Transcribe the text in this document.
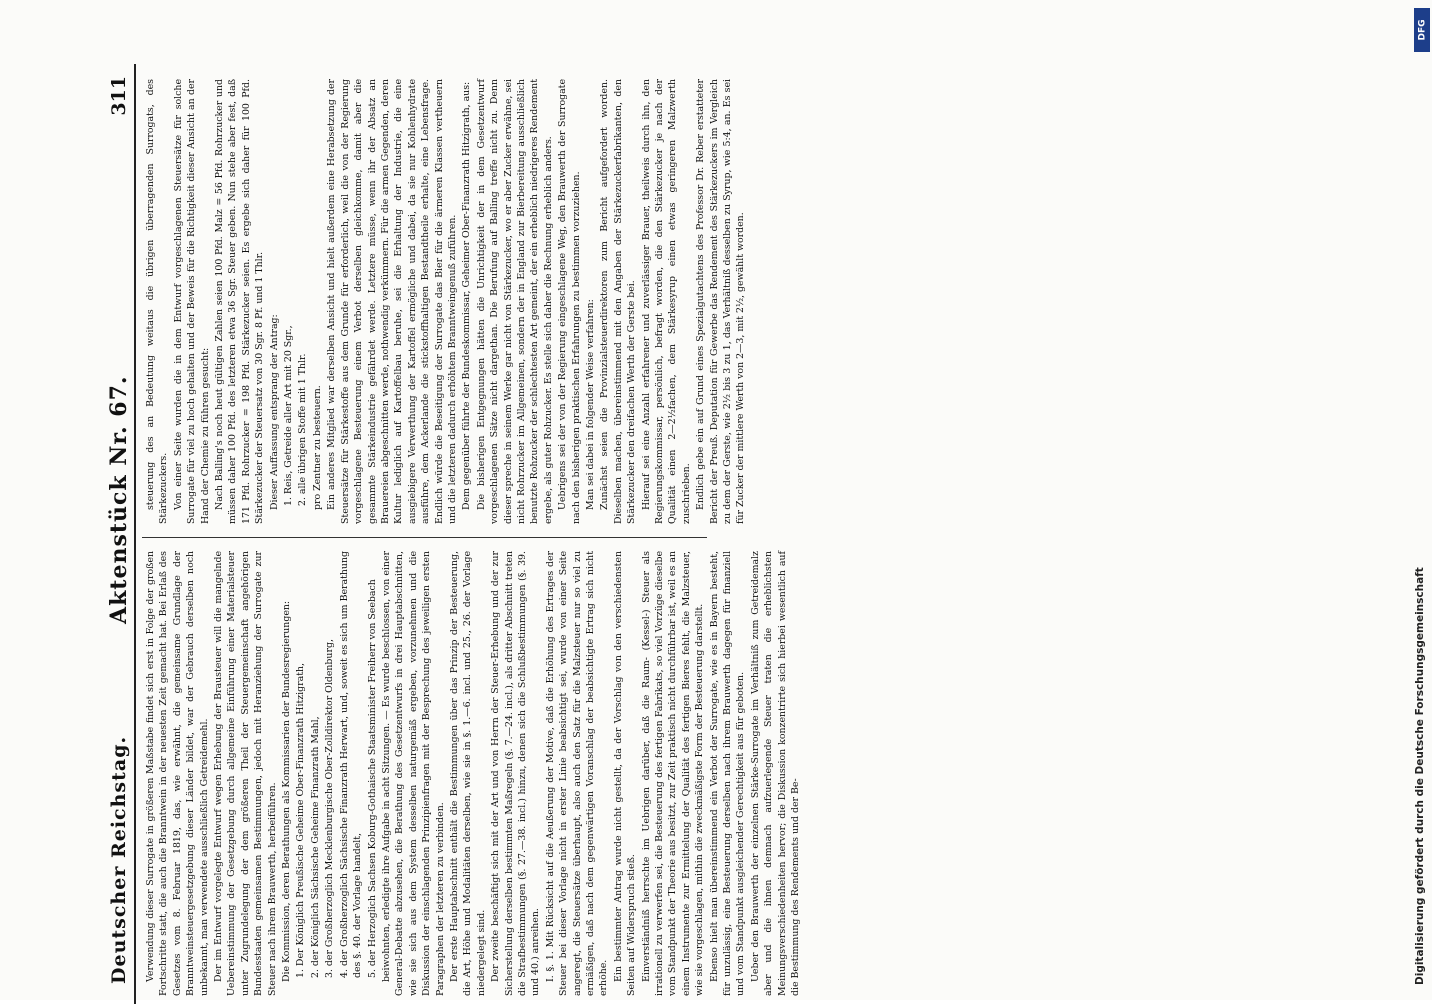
Deutscher Reichstag.
Aktenstück Nr. 67.
311

Verwendung dieser Surrogate in größeren Maßstabe findet sich erst in Folge der großen Fortschritte statt, die auch die Branntwein in der neuesten Zeit gemacht hat. Bei Erlaß des Gesetzes vom 8. Februar 1819, das, wie erwähnt, die gemeinsame Grundlage der Branntweinsteuergesetzgebung dieser Länder bildet, war der Gebrauch derselben noch unbekannt, man verwendete ausschließlich Getreidemehl. Der im Entwurf vorgelegte Entwurf wegen Erhebung der Brausteuer will die mangelnde Uebereinstimmung der Gesetzgebung durch allgemeine Einführung einer Materialsteuer unter Zugrundelegung der dem größeren Theil der Steuergemeinschaft angehörigen Bundesstaaten gemeinsamen Bestimmungen, jedoch mit Heranziehung der Surrogate zur Steuer nach ihrem Brauwerth, herbeiführen. Die Kommission, deren Berathungen als Kommissarien der Bundesregierungen: 1. Der Königlich Preußische Geheime Ober-Finanzrath Hitzigrath, 2. der Königlich Sächsische Geheime Finanzrath Mahl, 3. der Großherzoglich Mecklenburgische Ober-Zolldirektor Oldenburg, 4. der Großherzoglich Sächsische Finanzrath Herwart, und, soweit es sich um Berathung des §. 40. der Vorlage handelt, 5. der Herzoglich Sachsen Koburg-Gothaische Staatsminister Freiherr von Seebach beiwohnten, erledigte ihre Aufgabe in acht Sitzungen. — Es wurde beschlossen, von einer General-Debatte abzusehen, die Berathung des Gesetzentwurfs in drei Hauptabschnitten, wie sie sich aus dem System desselben naturgemäß ergeben, vorzunehmen und die Diskussion der einschlagenden Prinzipienfragen mit der Besprechung des jeweiligen ersten Paragraphen der letzteren zu verbinden. Der erste Hauptabschnitt enthält die Bestimmungen über das Prinzip der Besteuerung, die Art, Höhe und Modalitäten derselben, wie sie in §. 1.—6. incl. und 25., 26. der Vorlage niedergelegt sind. Der zweite beschäftigt sich mit der Art und von Herrn der Steuer-Erhebung und der zur Sicherstellung derselben bestimmten Maßregeln (§. 7.—24. incl.), als dritter Abschnitt treten die Strafbestimmungen (§. 27.—38. incl.) hinzu, denen sich die Schlußbestimmungen (§. 39. und 40.) anreihen. I. §. 1. Mit Rücksicht auf die Aeußerung der Motive, daß die Erhöhung des Ertrages der Steuer bei dieser Vorlage nicht in erster Linie beabsichtigt sei, wurde von einer Seite angeregt, die Steuersätze überhaupt, also auch den Satz für die Malzsteuer nur so viel zu ermäßigen, daß nach dem gegenwärtigen Voranschlag der beabsichtigte Ertrag sich nicht erhöhe. Ein bestimmter Antrag wurde nicht gestellt, da der Vorschlag von den verschiedensten Seiten auf Widerspruch stieß. Einverständniß herrschte im Uebrigen darüber, daß die Raum- (Kessel-) Steuer als irrationell zu verwerfen sei, die Besteuerung des fertigen Fabrikats, so viel Vorzüge dieselbe vom Standpunkt der Theorie aus besitzt, zur Zeit praktisch nicht durchführbar ist, weil es an einem Instrumente zur Ermittelung der Qualität des fertigen Bieres fehlt, die Malzsteuer, wie sie vorgeschlagen, mithin die zweckmäßigste Form der Besteuerung darstellt. Ebenso hielt man übereinstimmend ein Verbot der Surrogate, wie es in Bayern besteht, für unzulässig, eine Besteuerung derselben nach ihrem Brauwerth dagegen für finanziell und vom Standpunkt ausgleichender Gerechtigkeit aus für geboten. Ueber den Brauwerth der einzelnen Stärke-Surrogate im Verhältniß zum Getreidemalz aber und die ihnen demnach aufzuerlegende Steuer traten die erheblichsten Meinungsverschiedenheiten hervor; die Diskussion konzentrirte sich hierbei wesentlich auf die Bestimmung des Rendements und der Be-

steuerung des an Bedeutung weitaus die übrigen überragenden Surrogats, des Stärkezuckers. Von einer Seite wurden die in dem Entwurf vorgeschlagenen Steuersätze für solche Surrogate für viel zu hoch gehalten und der Beweis für die Richtigkeit dieser Ansicht an der Hand der Chemie zu führen gesucht: Nach Balling's noch heut gültigen Zahlen seien 100 Pfd. Malz = 56 Pfd. Rohrzucker und müssen daher 100 Pfd. des letzteren etwa 36 Sgr. Steuer geben. Nun stehe aber fest, daß 171 Pfd. Rohrzucker = 198 Pfd. Stärkezucker seien. Es ergebe sich daher für 100 Pfd. Stärkezucker der Steuersatz von 30 Sgr. 8 Pf. und 1 Thlr. Dieser Auffassung entsprang der Antrag: 1. Reis, Getreide aller Art mit 20 Sgr., 2. alle übrigen Stoffe mit 1 Thlr. pro Zentner zu besteuern. Ein anderes Mitglied war derselben Ansicht und hielt außerdem eine Herabsetzung der Steuersätze für Stärkestoffe aus dem Grunde für erforderlich, weil die von der Regierung vorgeschlagene Besteuerung einem Verbot derselben gleichkomme, damit aber die gesammte Stärkeindustrie gefährdet werde. Letztere müsse, wenn ihr der Absatz an Brauereien abgeschnitten werde, nothwendig verkümmern. Für die armen Gegenden, deren Kultur lediglich auf Kartoffelbau beruhe, sei die Erhaltung der Industrie, die eine ausgiebigere Verwerthung der Kartoffel ermögliche und dabei, da sie nur Kohlenhydrate ausführe, dem Ackerlande die stickstoffhaltigen Bestandtheile erhalte, eine Lebensfrage. Endlich würde die Beseitigung der Surrogate das Bier für die ärmeren Klassen vertheuern und die letzteren dadurch erhöhtem Branntweingenuß zuführen. Dem gegenüber führte der Bundeskommissar, Geheimer Ober-Finanzrath Hitzigrath, aus: Die bisherigen Entgegnungen hätten die Unrichtigkeit der in dem Gesetzentwurf vorgeschlagenen Sätze nicht dargethan. Die Berufung auf Balling treffe nicht zu. Denn dieser spreche in seinem Werke gar nicht von Stärkezucker, wo er aber Zucker erwähne, sei nicht Rohrzucker im Allgemeinen, sondern der in England zur Bierbereitung ausschließlich benutzte Rohzucker der schlechtesten Art gemeint, der ein erheblich niedrigeres Rendement ergebe, als guter Rohzucker. Es stelle sich daher die Rechnung erheblich anders. Uebrigens sei der von der Regierung eingeschlagene Weg, den Brauwerth der Surrogate nach den bisherigen praktischen Erfahrungen zu bestimmen vorzuziehen. Man sei dabei in folgender Weise verfahren: Zunächst seien die Provinzialsteuerdirektoren zum Bericht aufgefordert worden. Dieselben machen, übereinstimmend mit den Angaben der Stärkezuckerfabrikanten, den Stärkezucker den dreifachen Werth der Gerste bei. Hierauf sei eine Anzahl erfahrener und zuverlässiger Brauer, theilweis durch ihn, den Regierungskommissar, persönlich, befragt worden, die den Stärkezucker je nach der Qualität einen 2—2½fachen, dem Stärkesyrup einen etwas geringeren Malzwerth zuschrieben. Endlich gebe ein auf Grund eines Spezialgutachtens des Professor Dr. Reber erstatteter Bericht der Preuß. Deputation für Gewerbe das Rendement des Stärkezuckers im Vergleich zu dem der Gerste, wie 2½ bis 3 zu 1, das Verhältniß desselben zu Syrup, wie 5:4, an. Es sei für Zucker der mittlere Werth von 2—3, mit 2½, gewählt worden.

DFG
Digitalisierung gefördert durch die Deutsche Forschungsgemeinschaft
